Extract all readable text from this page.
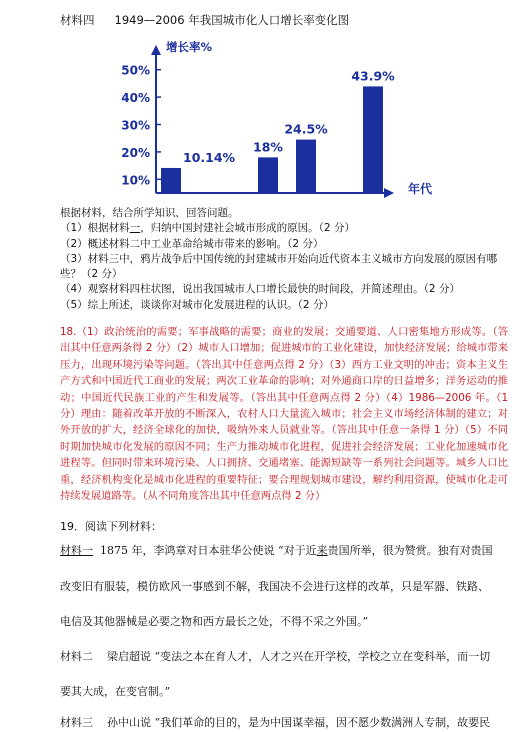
材料四 1949—2006 年我国城市化人口增长率变化图
10%
20%
30%
40%
50%
增长率%
年代
10.14%
18%
24.5%
43.9%

根据材料，结合所学知识，回答问题。

（1）根据材料一，归纳中国封建社会城市形成的原因。（2 分）

（2）概述材料二中工业革命给城市带来的影响。（2 分）

（3）材料三中，鸦片战争后中国传统的封建城市开始向近代资本主义城市方向发展的原因有哪些？（2 分）

（4）观察材料四柱状图，说出我国城市人口增长最快的时间段，并简述理由。（2 分）

（5）综上所述，谈谈你对城市化发展进程的认识。（2 分）

18.（1）政治统治的需要；军事战略的需要；商业的发展；交通要道、人口密集地方形成等。（答出其中任意两条得 2 分）（2）城市人口增加；促进城市的工业化建设，加快经济发展；给城市带来压力，出现环境污染等问题。（答出其中任意两点得 2 分）（3）西方工业文明的冲击；资本主义生产方式和中国近代工商业的发展；两次工业革命的影响；对外通商口岸的日益增多；洋务运动的推动；中国近代民族工业的产生和发展等。（答出其中任意两点得 2 分）（4）1986—2006 年。（1 分）理由：随着改革开放的不断深入，农村人口大量流入城市；社会主义市场经济体制的建立；对外开放的扩大，经济全球化的加快，吸纳外来人员就业等。（答出其中任意一条得 1 分）（5）不同时期加快城市化发展的原因不同；生产力推动城市化进程，促进社会经济发展；工业化加速城市化进程等。但同时带来环境污染、人口拥挤、交通堵塞、能源短缺等一系列社会问题等。城乡人口比重，经济机构变化是城市化进程的重要特征；要合理规划城市建设，解约利用资源，使城市化走可持续发展道路等。（从不同角度答出其中任意两点得 2 分）
19．阅读下列材料：
材料一 1875 年，李鸿章对日本驻华公使说 “对于近来贵国所举，很为赞赏。独有对贵国
改变旧有服装，模仿欧风一事感到不解，我国决不会进行这样的改革，只是军器、铁路、
电信及其他器械是必要之物和西方最长之处，不得不采之外国。”
材料二 梁启超说 “变法之本在育人才，人才之兴在开学校，学校之立在变科举，而一切
要其大成，在变官制。”
材料三 孙中山说 “我们革命的目的，是为中国谋幸福，因不愿少数满洲人专制，故要民
